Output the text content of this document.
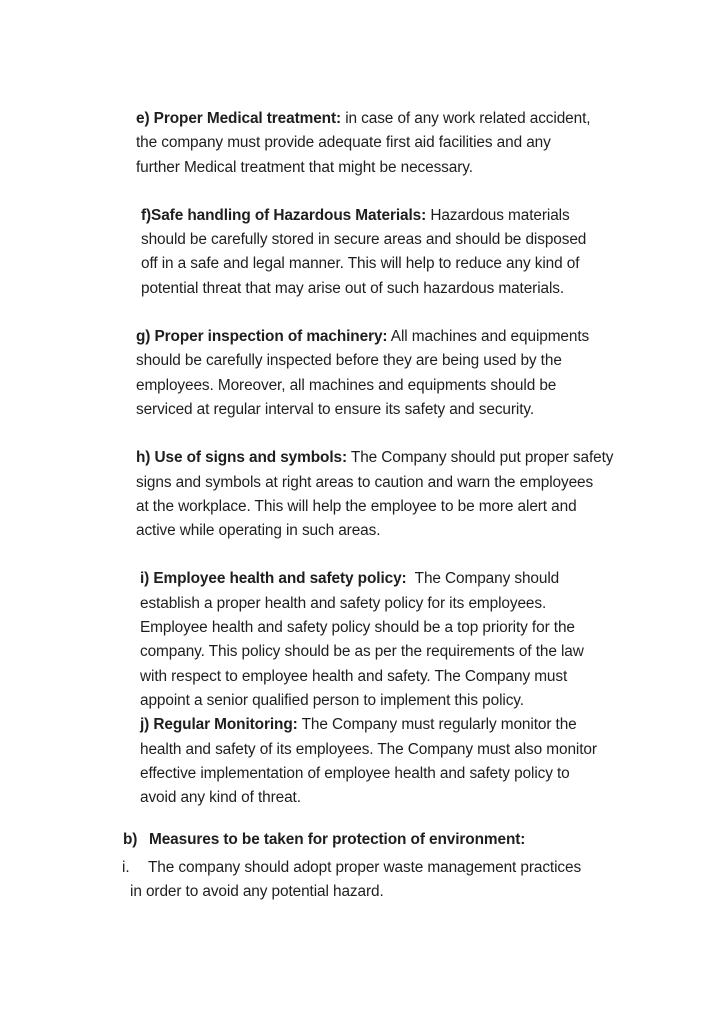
e) Proper Medical treatment: in case of any work related accident,
the company must provide adequate first aid facilities and any
further Medical treatment that might be necessary.
f)Safe handling of Hazardous Materials: Hazardous materials
should be carefully stored in secure areas and should be disposed
off in a safe and legal manner. This will help to reduce any kind of
potential threat that may arise out of such hazardous materials.
g) Proper inspection of machinery: All machines and equipments
should be carefully inspected before they are being used by the
employees. Moreover, all machines and equipments should be
serviced at regular interval to ensure its safety and security.
h) Use of signs and symbols: The Company should put proper safety
signs and symbols at right areas to caution and warn the employees
at the workplace. This will help the employee to be more alert and
active while operating in such areas.
i) Employee health and safety policy:  The Company should
establish a proper health and safety policy for its employees.
Employee health and safety policy should be a top priority for the
company. This policy should be as per the requirements of the law
with respect to employee health and safety. The Company must
appoint a senior qualified person to implement this policy.
j) Regular Monitoring: The Company must regularly monitor the
health and safety of its employees. The Company must also monitor
effective implementation of employee health and safety policy to
avoid any kind of threat.
b) Measures to be taken for protection of environment:
i. The company should adopt proper waste management practices
in order to avoid any potential hazard.
